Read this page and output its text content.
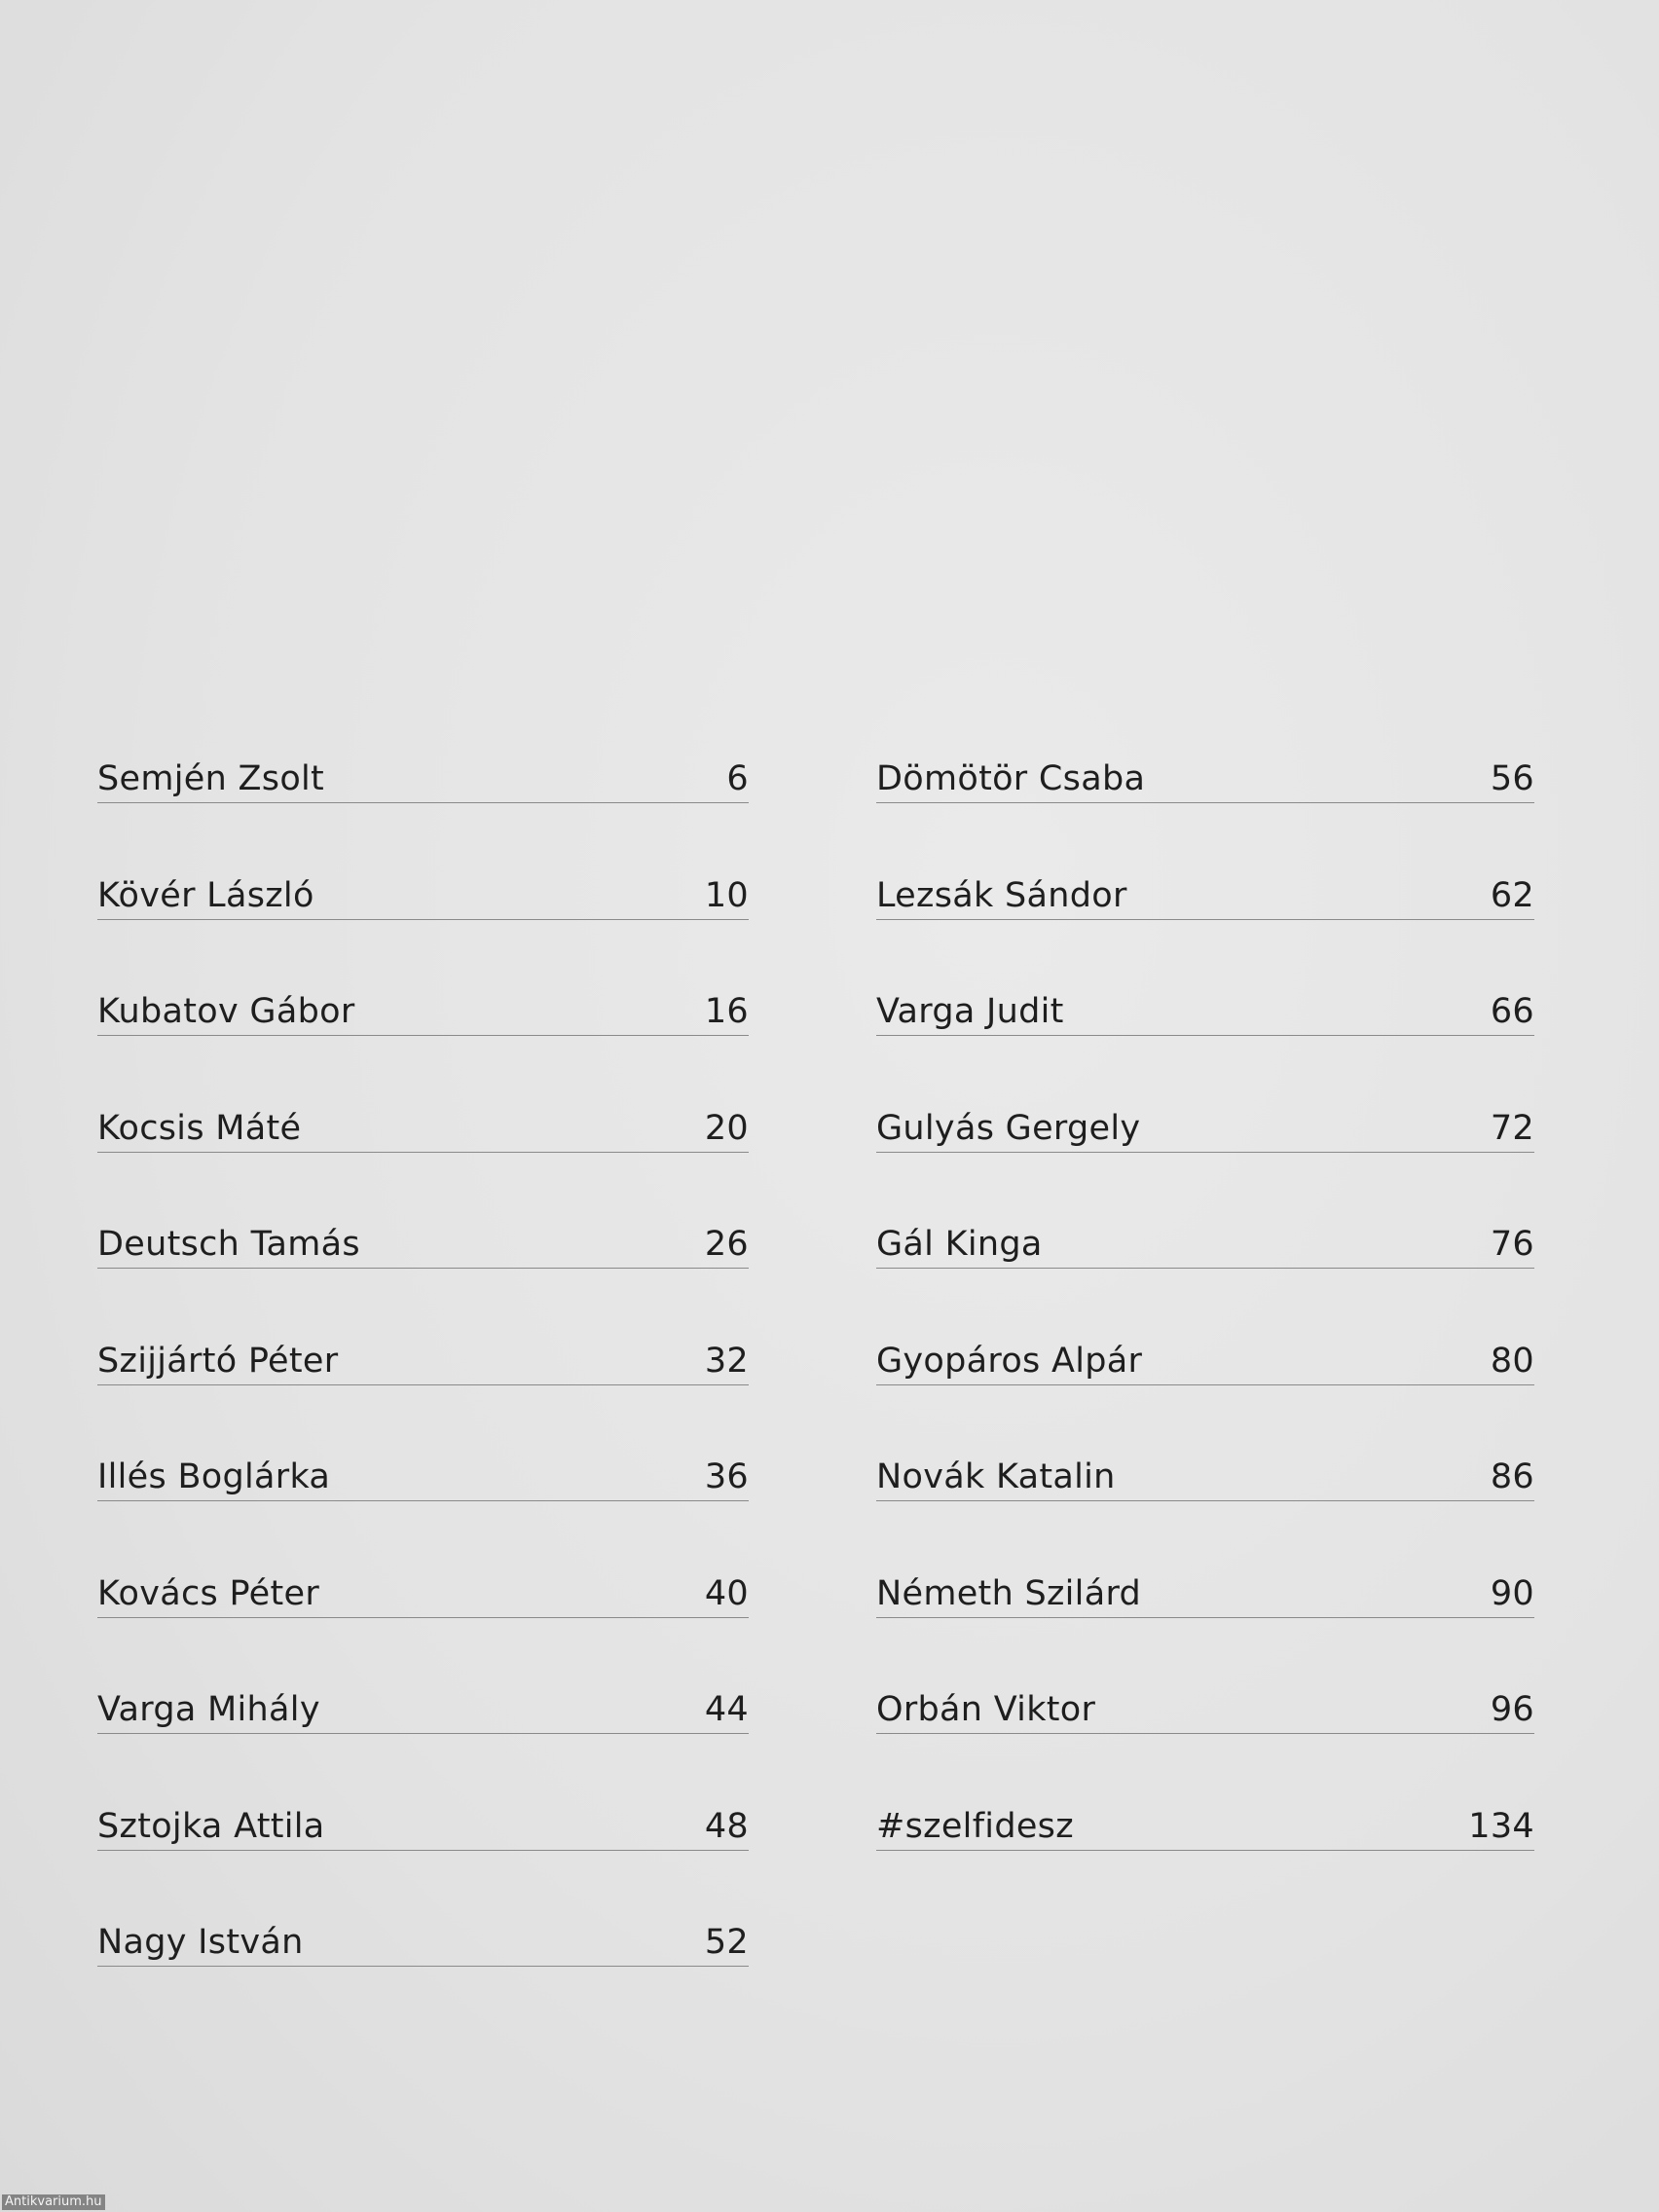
Semjén Zsolt	6
Kövér László	10
Kubatov Gábor	16
Kocsis Máté	20
Deutsch Tamás	26
Szijjártó Péter	32
Illés Boglárka	36
Kovács Péter	40
Varga Mihály	44
Sztojka Attila	48
Nagy István	52
Dömötör Csaba	56
Lezsák Sándor	62
Varga Judit	66
Gulyás Gergely	72
Gál Kinga	76
Gyopáros Alpár	80
Novák Katalin	86
Németh Szilárd	90
Orbán Viktor	96
#szelfidesz	134
Antikvarium.hu
